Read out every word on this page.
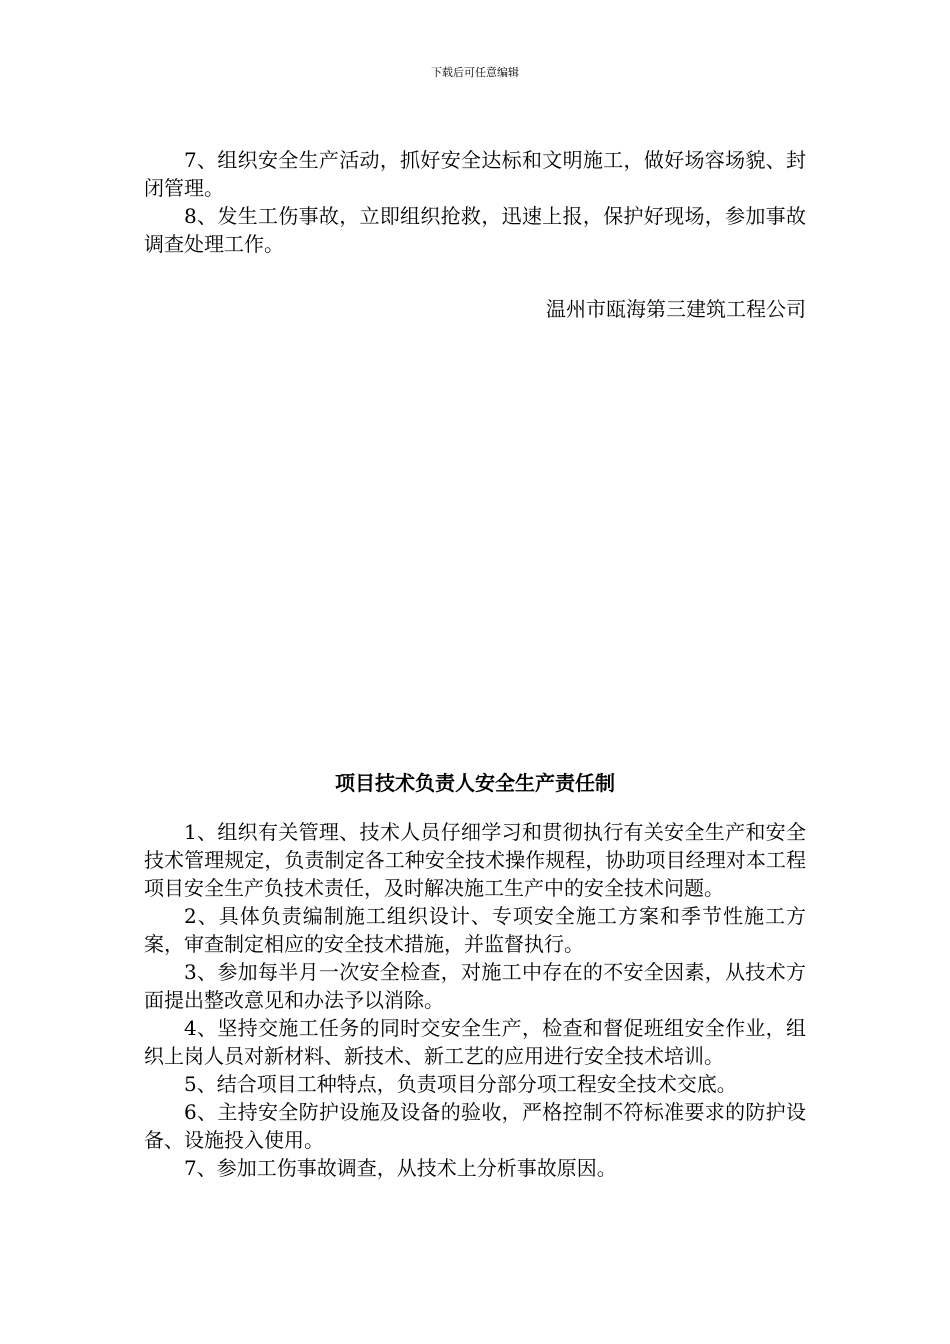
下载后可任意编辑

7、组织安全生产活动，抓好安全达标和文明施工，做好场容场貌、封闭管理。

8、发生工伤事故，立即组织抢救，迅速上报，保护好现场，参加事故调查处理工作。

温州市瓯海第三建筑工程公司
项目技术负责人安全生产责任制

1、组织有关管理、技术人员仔细学习和贯彻执行有关安全生产和安全技术管理规定，负责制定各工种安全技术操作规程，协助项目经理对本工程项目安全生产负技术责任，及时解决施工生产中的安全技术问题。

2、具体负责编制施工组织设计、专项安全施工方案和季节性施工方案，审查制定相应的安全技术措施，并监督执行。

3、参加每半月一次安全检查，对施工中存在的不安全因素，从技术方面提出整改意见和办法予以消除。

4、坚持交施工任务的同时交安全生产，检查和督促班组安全作业，组织上岗人员对新材料、新技术、新工艺的应用进行安全技术培训。

5、结合项目工种特点，负责项目分部分项工程安全技术交底。

6、主持安全防护设施及设备的验收，严格控制不符标准要求的防护设备、设施投入使用。

7、参加工伤事故调查，从技术上分析事故原因。
